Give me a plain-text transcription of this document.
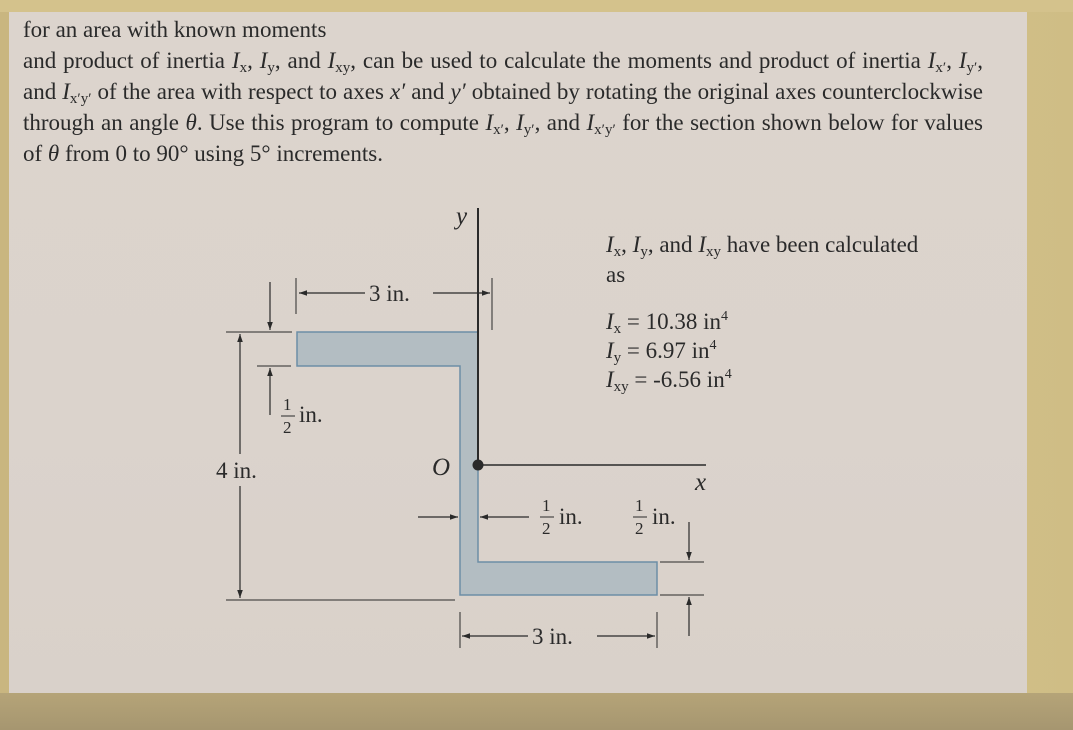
for an area with known moments
and product of inertia $I_x$, $I_y$, and $I_{xy}$, can be used to calculate the moments and product of inertia $I_{x'}$, $I_{y'}$, and $I_{x'y'}$ of the area with respect to axes x′ and y′ obtained by rotating the original axes counterclockwise through an angle θ. Use this program to compute $I_{x'}$, $I_{y'}$, and $I_{x'y'}$ for the section shown below for values of θ from 0 to 90° using 5° increments.
y
x
O
3 in.
4 in.
1
2
in.
1
2 in.	1
2 in.
3 in.
$I_x$, $I_y$, and $I_{xy}$ have been calculated as
$I_x = 10.38$ $in^4$
$I_y = 6.97$ $in^4$
$I_{xy} = -6.56$ $in^4$
